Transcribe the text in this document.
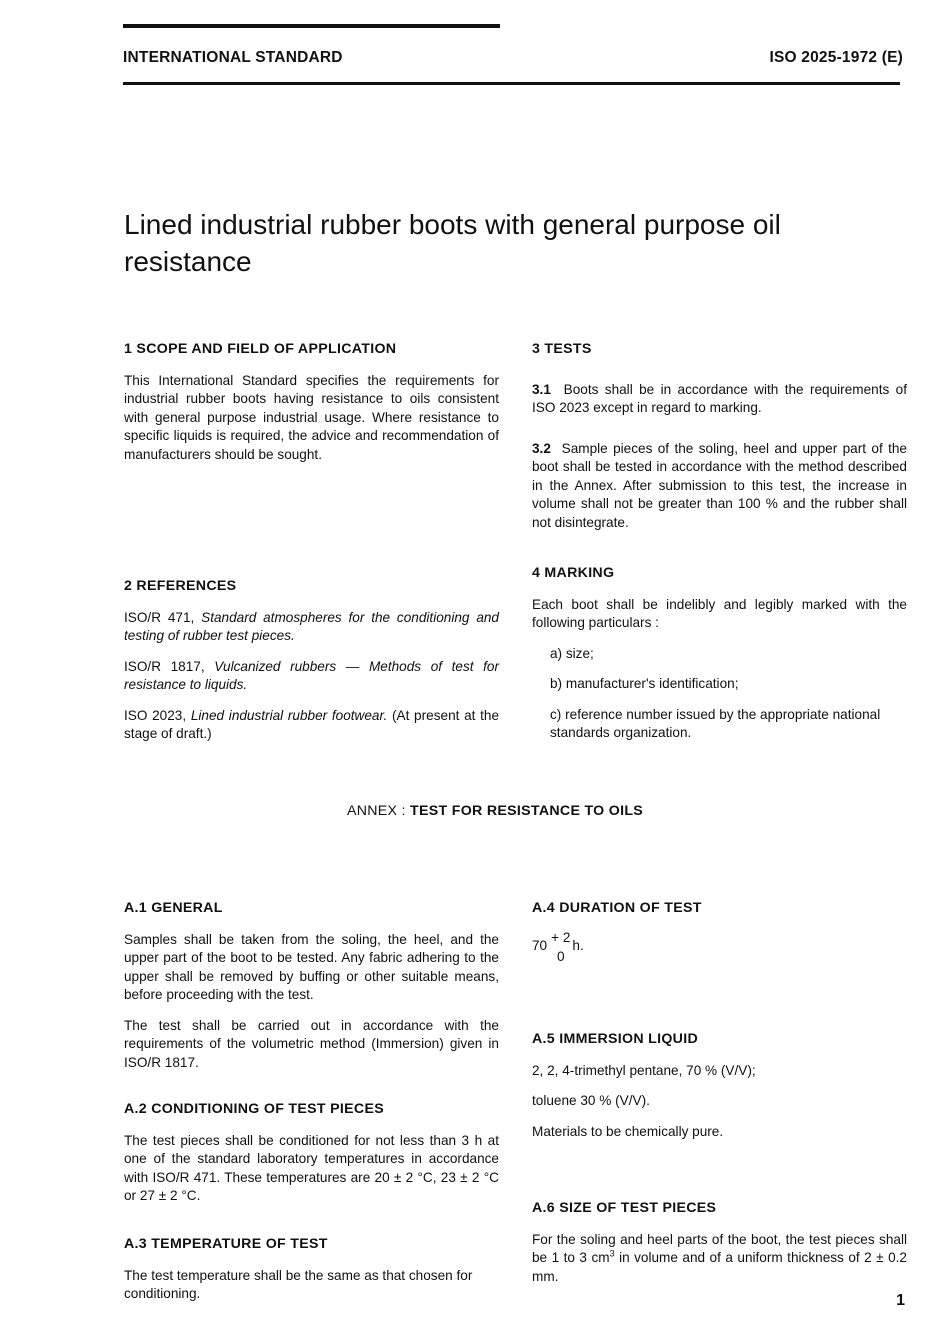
INTERNATIONAL STANDARD	ISO 2025-1972 (E)
Lined industrial rubber boots with general purpose oil resistance
1 SCOPE AND FIELD OF APPLICATION

This International Standard specifies the requirements for industrial rubber boots having resistance to oils consistent with general purpose industrial usage. Where resistance to specific liquids is required, the advice and recommendation of manufacturers should be sought.

2 REFERENCES

ISO/R 471, Standard atmospheres for the conditioning and testing of rubber test pieces.

ISO/R 1817, Vulcanized rubbers — Methods of test for resistance to liquids.

ISO 2023, Lined industrial rubber footwear. (At present at the stage of draft.)

3 TESTS

3.1 Boots shall be in accordance with the requirements of ISO 2023 except in regard to marking.

3.2 Sample pieces of the soling, heel and upper part of the boot shall be tested in accordance with the method described in the Annex. After submission to this test, the increase in volume shall not be greater than 100 % and the rubber shall not disintegrate.

4 MARKING

Each boot shall be indelibly and legibly marked with the following particulars :

a) size;

b) manufacturer's identification;

c) reference number issued by the appropriate national standards organization.

ANNEX : TEST FOR RESISTANCE TO OILS
A.1 GENERAL

Samples shall be taken from the soling, the heel, and the upper part of the boot to be tested. Any fabric adhering to the upper shall be removed by buffing or other suitable means, before proceeding with the test.

The test shall be carried out in accordance with the requirements of the volumetric method (Immersion) given in ISO/R 1817.

A.2 CONDITIONING OF TEST PIECES

The test pieces shall be conditioned for not less than 3 h at one of the standard laboratory temperatures in accordance with ISO/R 471. These temperatures are 20 ± 2 °C, 23 ± 2 °C or 27 ± 2 °C.

A.3 TEMPERATURE OF TEST

The test temperature shall be the same as that chosen for conditioning.

A.4 DURATION OF TEST
70
+ 2
0
h.
A.5 IMMERSION LIQUID

2, 2, 4-trimethyl pentane, 70 % (V/V);

toluene 30 % (V/V).

Materials to be chemically pure.

A.6 SIZE OF TEST PIECES

For the soling and heel parts of the boot, the test pieces shall be 1 to 3 $cm^3$ in volume and of a uniform thickness of 2 ± 0.2 mm.

1
